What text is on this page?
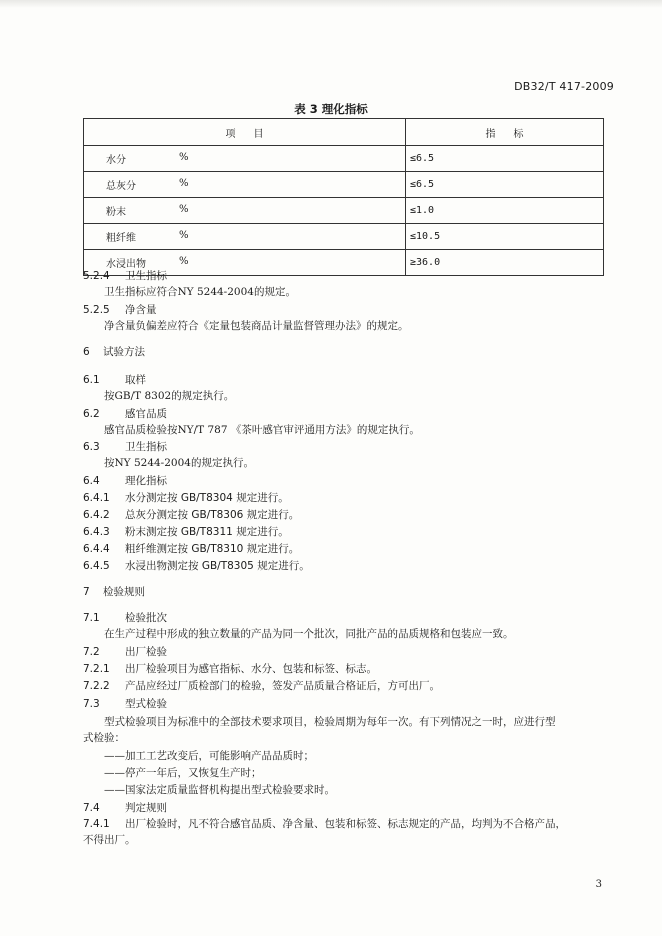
DB32/T 417-2009
表 3 理化指标
项目	指标
水分 %	≤6.5
总灰分 %	≤6.5
粉末 %	≤1.0
粗纤维 %	≤10.5
水浸出物 %	≥36.0
5.2.4 卫生指标
卫生指标应符合NY 5244-2004的规定。
5.2.5 净含量
净含量负偏差应符合《定量包装商品计量监督管理办法》的规定。
6 试验方法
6.1 取样
按GB/T 8302的规定执行。
6.2 感官品质
感官品质检验按NY/T 787 《茶叶感官审评通用方法》的规定执行。
6.3 卫生指标
按NY 5244-2004的规定执行。
6.4 理化指标
6.4.1 水分测定按 GB/T8304 规定进行。
6.4.2 总灰分测定按 GB/T8306 规定进行。
6.4.3 粉末测定按 GB/T8311 规定进行。
6.4.4 粗纤维测定按 GB/T8310 规定进行。
6.4.5 水浸出物测定按 GB/T8305 规定进行。
7 检验规则
7.1 检验批次
在生产过程中形成的独立数量的产品为同一个批次，同批产品的品质规格和包装应一致。
7.2 出厂检验
7.2.1 出厂检验项目为感官指标、水分、包装和标签、标志。
7.2.2 产品应经过厂质检部门的检验，签发产品质量合格证后，方可出厂。
7.3 型式检验
型式检验项目为标准中的全部技术要求项目，检验周期为每年一次。有下列情况之一时，应进行型
式检验：
——加工工艺改变后，可能影响产品品质时；
——停产一年后，又恢复生产时；
——国家法定质量监督机构提出型式检验要求时。
7.4 判定规则
7.4.1 出厂检验时，凡不符合感官品质、净含量、包装和标签、标志规定的产品，均判为不合格产品，
不得出厂。
3
